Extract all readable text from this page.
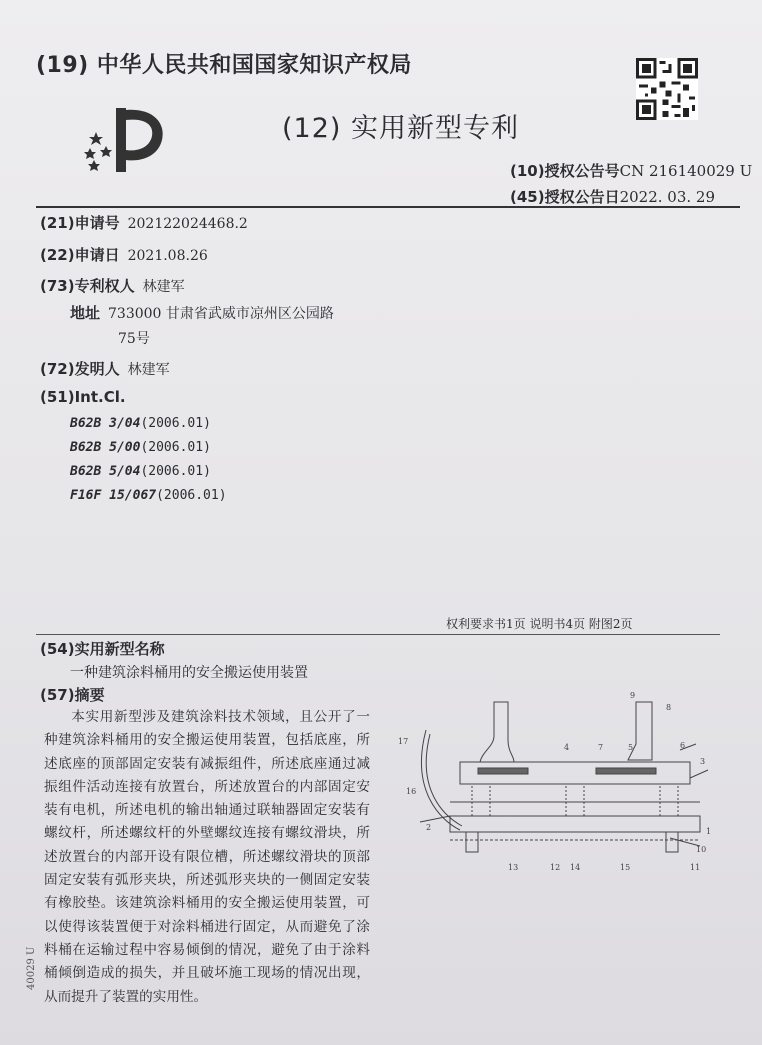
(19) 中华人民共和国国家知识产权局
(12) 实用新型专利
(10)授权公告号CN 216140029 U
(45)授权公告日2022. 03. 29
(21)申请号 202122024468.2
(22)申请日 2021.08.26
(73)专利权人 林建军
地址 733000 甘肃省武威市凉州区公园路
75号
(72)发明人 林建军
(51)Int.Cl.
B62B 3/04(2006.01)
B62B 5/00(2006.01)
B62B 5/04(2006.01)
F16F 15/067(2006.01)
权利要求书1页 说明书4页 附图2页
(54)实用新型名称
一种建筑涂料桶用的安全搬运使用装置
(57)摘要
本实用新型涉及建筑涂料技术领域，且公开了一种建筑涂料桶用的安全搬运使用装置，包括底座，所述底座的顶部固定安装有减振组件，所述底座通过减振组件活动连接有放置台，所述放置台的内部固定安装有电机，所述电机的输出轴通过联轴器固定安装有螺纹杆，所述螺纹杆的外壁螺纹连接有螺纹滑块，所述放置台的内部开设有限位槽，所述螺纹滑块的顶部固定安装有弧形夹块，所述弧形夹块的一侧固定安装有橡胶垫。该建筑涂料桶用的安全搬运使用装置，可以使得该装置便于对涂料桶进行固定，从而避免了涂料桶在运输过程中容易倾倒的情况，避免了由于涂料桶倾倒造成的损失，并且破坏施工现场的情况出现，从而提升了装置的实用性。
9
8
17
4	7	5	6
3
16
2	1
10
13	12 14	15	11
40029 U
